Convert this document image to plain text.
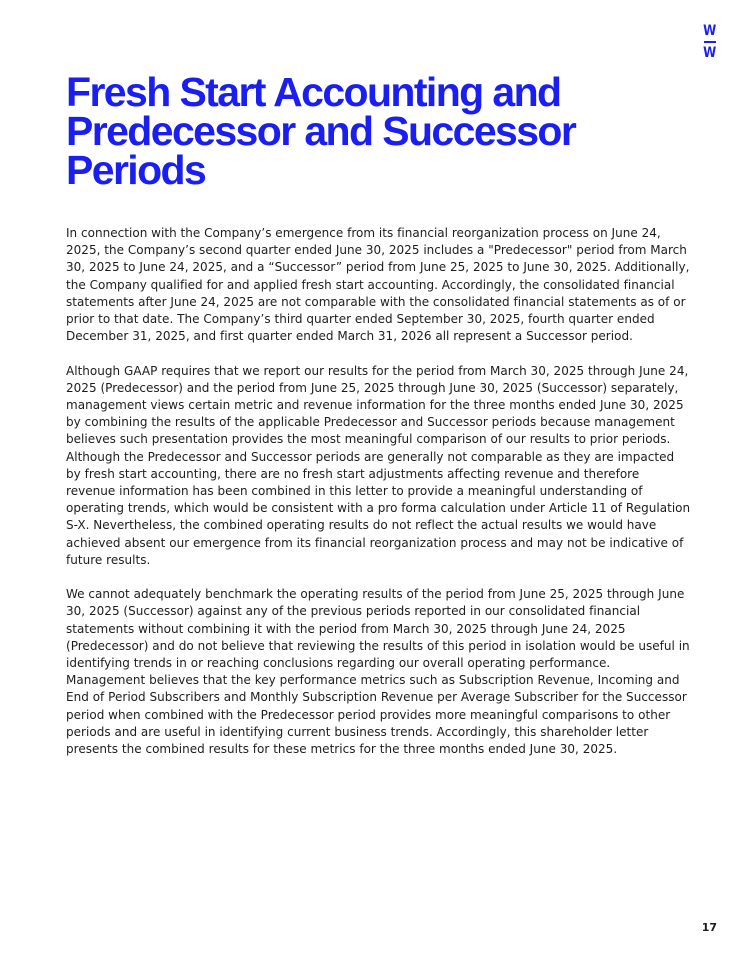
W
W
Fresh Start Accounting and
Predecessor and Successor
Periods

In connection with the Company’s emergence from its financial reorganization process on June 24, 2025, the Company’s second quarter ended June 30, 2025 includes a "Predecessor" period from March 30, 2025 to June 24, 2025, and a “Successor” period from June 25, 2025 to June 30, 2025. Additionally, the Company qualified for and applied fresh start accounting. Accordingly, the consolidated financial statements after June 24, 2025 are not comparable with the consolidated financial statements as of or prior to that date. The Company’s third quarter ended September 30, 2025, fourth quarter ended December 31, 2025, and first quarter ended March 31, 2026 all represent a Successor period.

Although GAAP requires that we report our results for the period from March 30, 2025 through June 24, 2025 (Predecessor) and the period from June 25, 2025 through June 30, 2025 (Successor) separately, management views certain metric and revenue information for the three months ended June 30, 2025 by combining the results of the applicable Predecessor and Successor periods because management believes such presentation provides the most meaningful comparison of our results to prior periods. Although the Predecessor and Successor periods are generally not comparable as they are impacted by fresh start accounting, there are no fresh start adjustments affecting revenue and therefore revenue information has been combined in this letter to provide a meaningful understanding of operating trends, which would be consistent with a pro forma calculation under Article 11 of Regulation S-X. Nevertheless, the combined operating results do not reflect the actual results we would have achieved absent our emergence from its financial reorganization process and may not be indicative of future results.

We cannot adequately benchmark the operating results of the period from June 25, 2025 through June 30, 2025 (Successor) against any of the previous periods reported in our consolidated financial statements without combining it with the period from March 30, 2025 through June 24, 2025 (Predecessor) and do not believe that reviewing the results of this period in isolation would be useful in identifying trends in or reaching conclusions regarding our overall operating performance. Management believes that the key performance metrics such as Subscription Revenue, Incoming and End of Period Subscribers and Monthly Subscription Revenue per Average Subscriber for the Successor period when combined with the Predecessor period provides more meaningful comparisons to other periods and are useful in identifying current business trends. Accordingly, this shareholder letter presents the combined results for these metrics for the three months ended June 30, 2025.

17
